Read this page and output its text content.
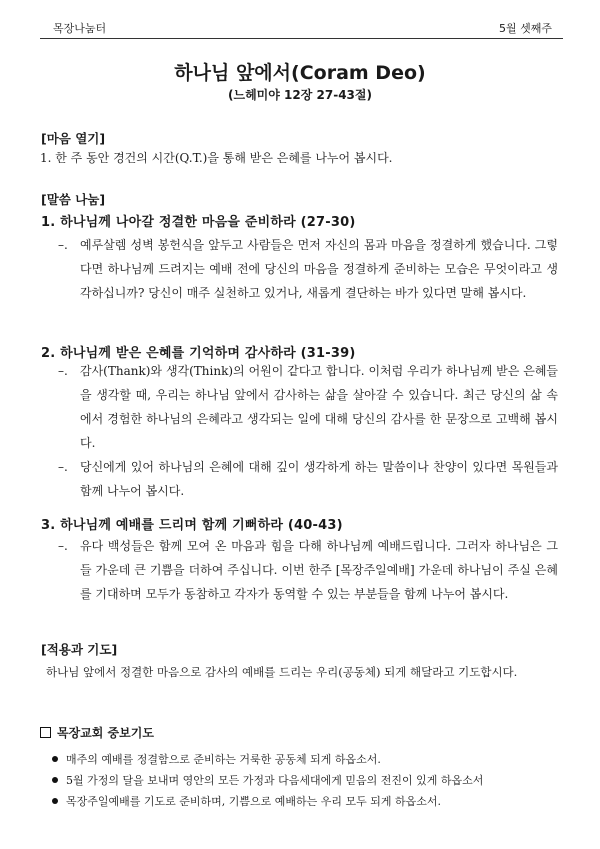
목장나눔터	5월 셋째주
하나님 앞에서(Coram Deo)
(느헤미야 12장 27-43절)
[마음 열기]
1. 한 주 동안 경건의 시간(Q.T.)을 통해 받은 은혜를 나누어 봅시다.
[말씀 나눔]
1. 하나님께 나아갈 정결한 마음을 준비하라 (27-30)
–. 예루살렘 성벽 봉헌식을 앞두고 사람들은 먼저 자신의 몸과 마음을 정결하게 했습니다. 그렇다면 하나님께 드려지는 예배 전에 당신의 마음을 정결하게 준비하는 모습은 무엇이라고 생각하십니까? 당신이 매주 실천하고 있거나, 새롭게 결단하는 바가 있다면 말해 봅시다.
2. 하나님께 받은 은혜를 기억하며 감사하라 (31-39)
–. 감사(Thank)와 생각(Think)의 어원이 같다고 합니다. 이처럼 우리가 하나님께 받은 은혜들을 생각할 때, 우리는 하나님 앞에서 감사하는 삶을 살아갈 수 있습니다. 최근 당신의 삶 속에서 경험한 하나님의 은혜라고 생각되는 일에 대해 당신의 감사를 한 문장으로 고백해 봅시다.
–. 당신에게 있어 하나님의 은혜에 대해 깊이 생각하게 하는 말씀이나 찬양이 있다면 목원들과 함께 나누어 봅시다.
3. 하나님께 예배를 드리며 함께 기뻐하라 (40-43)
–. 유다 백성들은 함께 모여 온 마음과 힘을 다해 하나님께 예배드립니다. 그러자 하나님은 그들 가운데 큰 기쁨을 더하여 주십니다. 이번 한주 [목장주일예배] 가운데 하나님이 주실 은혜를 기대하며 모두가 동참하고 각자가 동역할 수 있는 부분들을 함께 나누어 봅시다.
[적용과 기도]
하나님 앞에서 정결한 마음으로 감사의 예배를 드리는 우리(공동체) 되게 해달라고 기도합시다.
목장교회 중보기도
매주의 예배를 정결함으로 준비하는 거룩한 공동체 되게 하옵소서.
5월 가정의 달을 보내며 영안의 모든 가정과 다음세대에게 믿음의 전진이 있게 하옵소서
목장주일예배를 기도로 준비하며, 기쁨으로 예배하는 우리 모두 되게 하옵소서.
